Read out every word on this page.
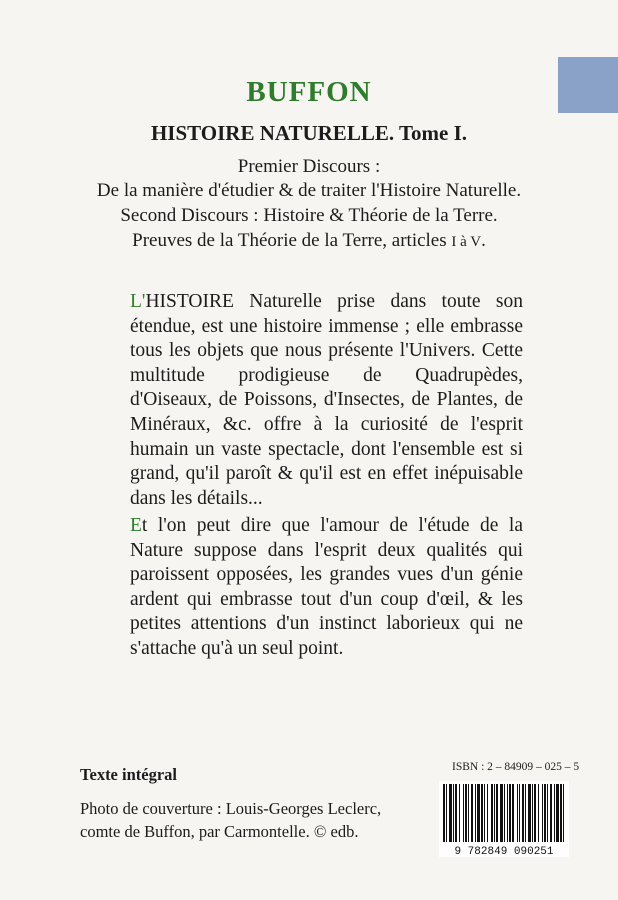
BUFFON
HISTOIRE NATURELLE. Tome I.
Premier Discours :
De la manière d'étudier & de traiter l'Histoire Naturelle.
Second Discours : Histoire & Théorie de la Terre.
Preuves de la Théorie de la Terre, articles I à V.

L'HISTOIRE Naturelle prise dans toute son étendue, est une histoire immense ; elle embrasse tous les objets que nous présente l'Univers. Cette multitude prodigieuse de Quadrupèdes, d'Oiseaux, de Poissons, d'Insectes, de Plantes, de Minéraux, &c. offre à la curiosité de l'esprit humain un vaste spectacle, dont l'ensemble est si grand, qu'il paroît & qu'il est en effet inépuisable dans les détails...

Et l'on peut dire que l'amour de l'étude de la Nature suppose dans l'esprit deux qualités qui paroissent opposées, les grandes vues d'un génie ardent qui embrasse tout d'un coup d'œil, & les petites attentions d'un instinct laborieux qui ne s'attache qu'à un seul point.

Texte intégral

Photo de couverture : Louis-Georges Leclerc,
comte de Buffon, par Carmontelle. © edb.

ISBN : 2 – 84909 – 025 – 5
9 782849 090251
